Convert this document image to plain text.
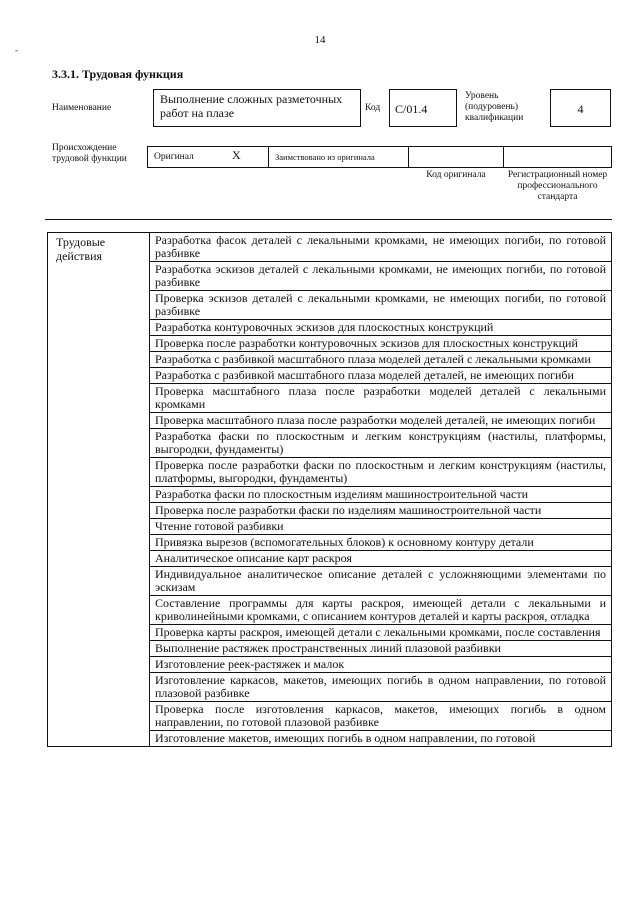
14
-
3.3.1. Трудовая функция
Наименование
Выполнение сложных разметочных работ на плазе	Код	C/01.4
Уровень (подуровень) квалификации
4
Происхождение трудовой функции	Оригинал	X	Заимствовано из оригинала
Код оригинала	Регистрационный номер профессионального стандарта
Трудовые действия

Разработка фасок деталей с лекальными кромками, не имеющих погиби, по готовой разбивке

Разработка эскизов деталей с лекальными кромками, не имеющих погиби, по готовой разбивке

Проверка эскизов деталей с лекальными кромками, не имеющих погиби, по готовой разбивке

Разработка контуровочных эскизов для плоскостных конструкций

Проверка после разработки контуровочных эскизов для плоскостных конструкций

Разработка с разбивкой масштабного плаза моделей деталей с лекальными кромками

Разработка с разбивкой масштабного плаза моделей деталей, не имеющих погиби

Проверка масштабного плаза после разработки моделей деталей с лекальными кромками

Проверка масштабного плаза после разработки моделей деталей, не имеющих погиби

Разработка фаски по плоскостным и легким конструкциям (настилы, платформы, выгородки, фундаменты)

Проверка после разработки фаски по плоскостным и легким конструкциям (настилы, платформы, выгородки, фундаменты)

Разработка фаски по плоскостным изделиям машиностроительной части

Проверка после разработки фаски по изделиям машиностроительной части

Чтение готовой разбивки

Привязка вырезов (вспомогательных блоков) к основному контуру детали

Аналитическое описание карт раскроя

Индивидуальное аналитическое описание деталей с усложняющими элементами по эскизам

Составление программы для карты раскроя, имеющей детали с лекальными и криволинейными кромками, с описанием контуров деталей и карты раскроя, отладка

Проверка карты раскроя, имеющей детали с лекальными кромками, после составления

Выполнение растяжек пространственных линий плазовой разбивки

Изготовление реек-растяжек и малок

Изготовление каркасов, макетов, имеющих погибь в одном направлении, по готовой плазовой разбивке

Проверка после изготовления каркасов, макетов, имеющих погибь в одном направлении, по готовой плазовой разбивке

Изготовление макетов, имеющих погибь в одном направлении, по готовой
